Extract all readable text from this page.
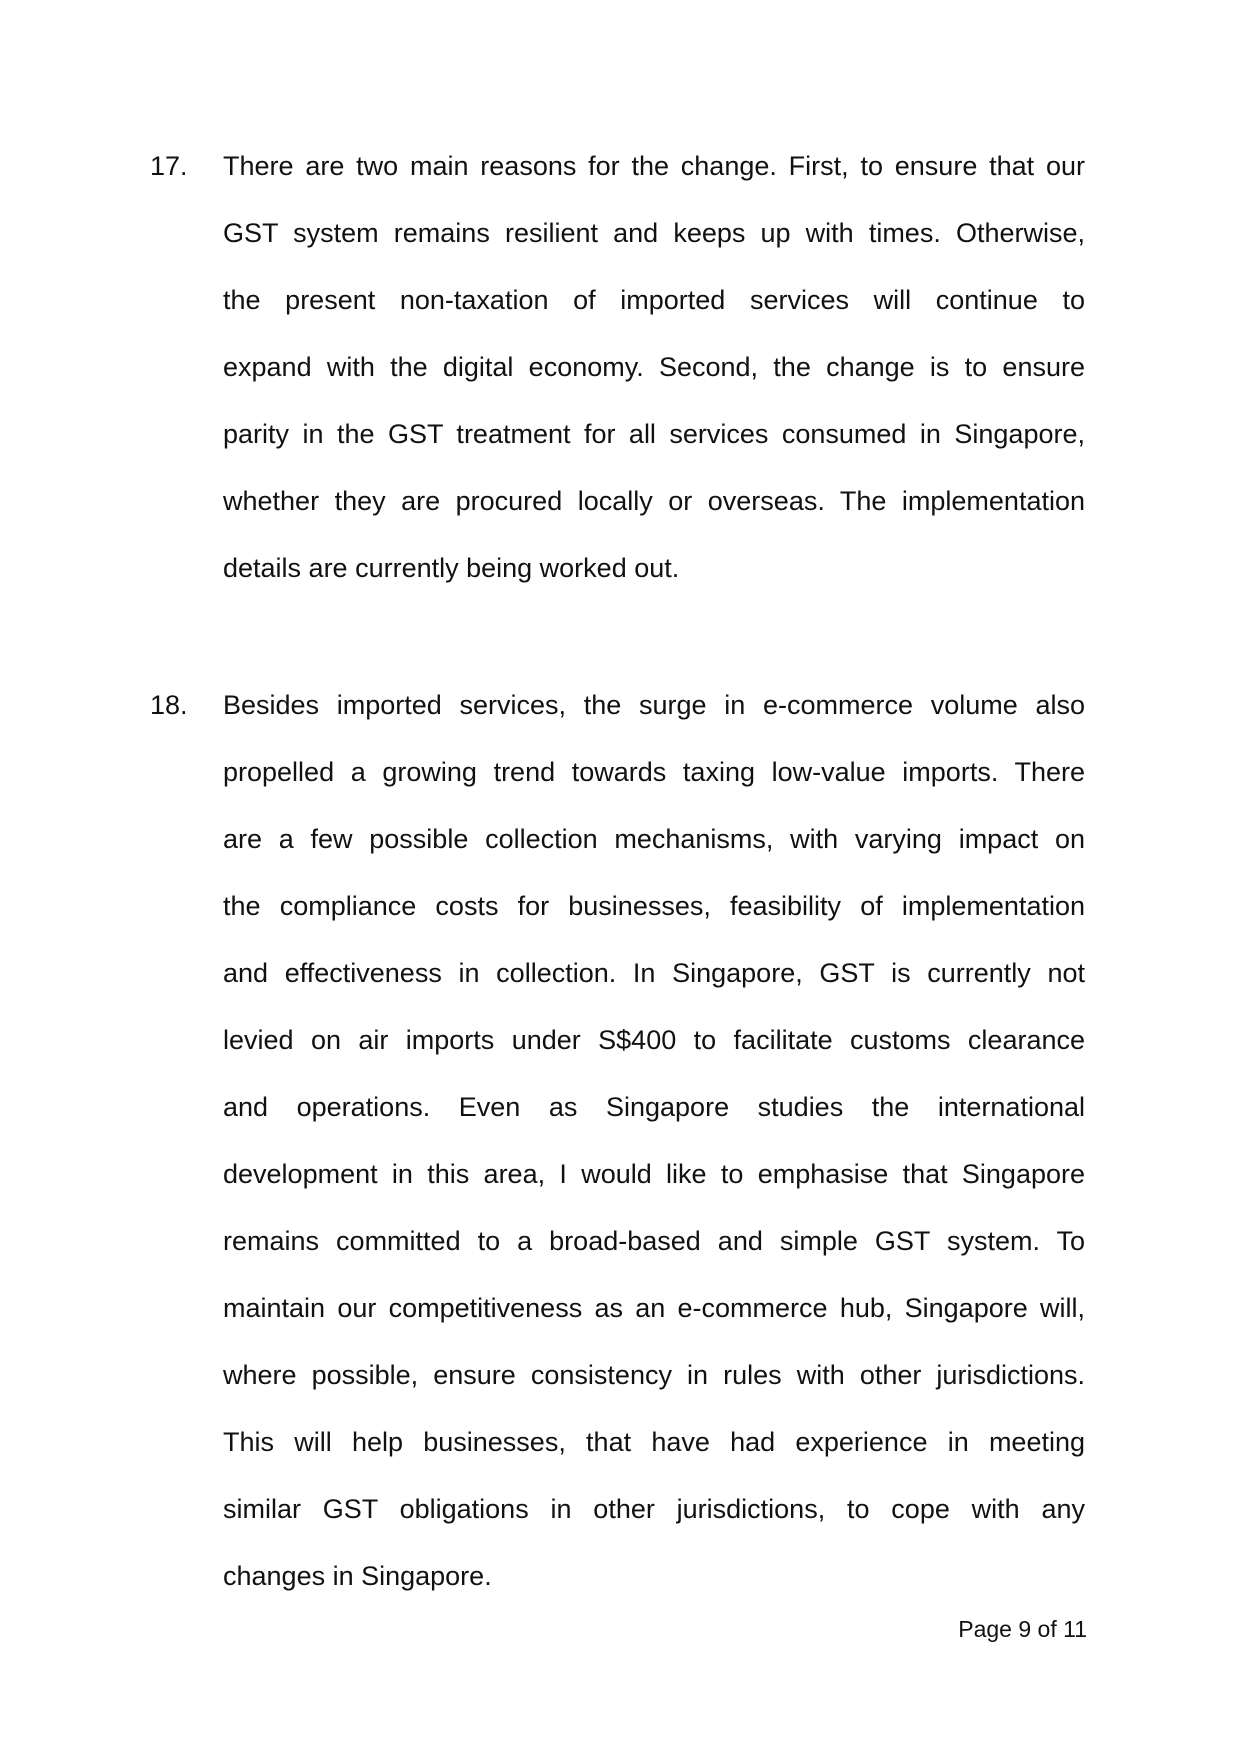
17. There are two main reasons for the change. First, to ensure that our
GST system remains resilient and keeps up with times. Otherwise,
the present non-taxation of imported services will continue to
expand with the digital economy. Second, the change is to ensure
parity in the GST treatment for all services consumed in Singapore,
whether they are procured locally or overseas. The implementation
details are currently being worked out.
18. Besides imported services, the surge in e-commerce volume also
propelled a growing trend towards taxing low-value imports. There
are a few possible collection mechanisms, with varying impact on
the compliance costs for businesses, feasibility of implementation
and effectiveness in collection. In Singapore, GST is currently not
levied on air imports under S$400 to facilitate customs clearance
and operations. Even as Singapore studies the international
development in this area, I would like to emphasise that Singapore
remains committed to a broad-based and simple GST system. To
maintain our competitiveness as an e-commerce hub, Singapore will,
where possible, ensure consistency in rules with other jurisdictions.
This will help businesses, that have had experience in meeting
similar GST obligations in other jurisdictions, to cope with any
changes in Singapore.
Page 9 of 11
